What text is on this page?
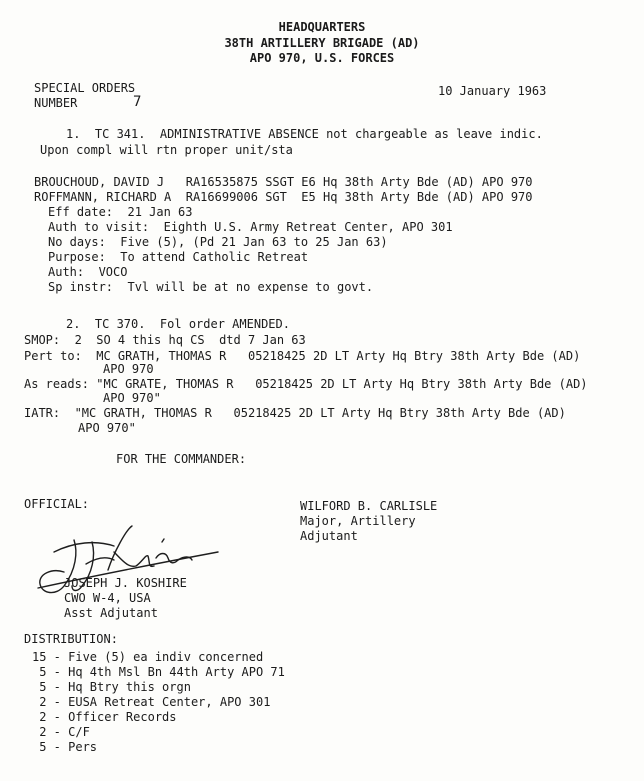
HEADQUARTERS
38TH ARTILLERY BRIGADE (AD)
APO 970, U.S. FORCES
SPECIAL ORDERS
NUMBER	7
10 January 1963
1.  TC 341.  ADMINISTRATIVE ABSENCE not chargeable as leave indic.
Upon compl will rtn proper unit/sta
BROUCHOUD, DAVID J   RA16535875 SSGT E6 Hq 38th Arty Bde (AD) APO 970
ROFFMANN, RICHARD A  RA16699006 SGT  E5 Hq 38th Arty Bde (AD) APO 970
Eff date:  21 Jan 63
Auth to visit:  Eighth U.S. Army Retreat Center, APO 301
No days:  Five (5), (Pd 21 Jan 63 to 25 Jan 63)
Purpose:  To attend Catholic Retreat
Auth:  VOCO
Sp instr:  Tvl will be at no expense to govt.
2.  TC 370.  Fol order AMENDED.
SMOP:  2  SO 4 this hq CS  dtd 7 Jan 63
Pert to:  MC GRATH, THOMAS R   05218425 2D LT Arty Hq Btry 38th Arty Bde (AD)
APO 970
As reads: "MC GRATE, THOMAS R   05218425 2D LT Arty Hq Btry 38th Arty Bde (AD)
APO 970"
IATR:  "MC GRATH, THOMAS R   05218425 2D LT Arty Hq Btry 38th Arty Bde (AD)
APO 970"
FOR THE COMMANDER:
OFFICIAL:	WILFORD B. CARLISLE
Major, Artillery
Adjutant
JOSEPH J. KOSHIRE
CWO W-4, USA
Asst Adjutant
DISTRIBUTION:
15 - Five (5) ea indiv concerned
5 - Hq 4th Msl Bn 44th Arty APO 71
5 - Hq Btry this orgn
2 - EUSA Retreat Center, APO 301
2 - Officer Records
2 - C/F
5 - Pers
